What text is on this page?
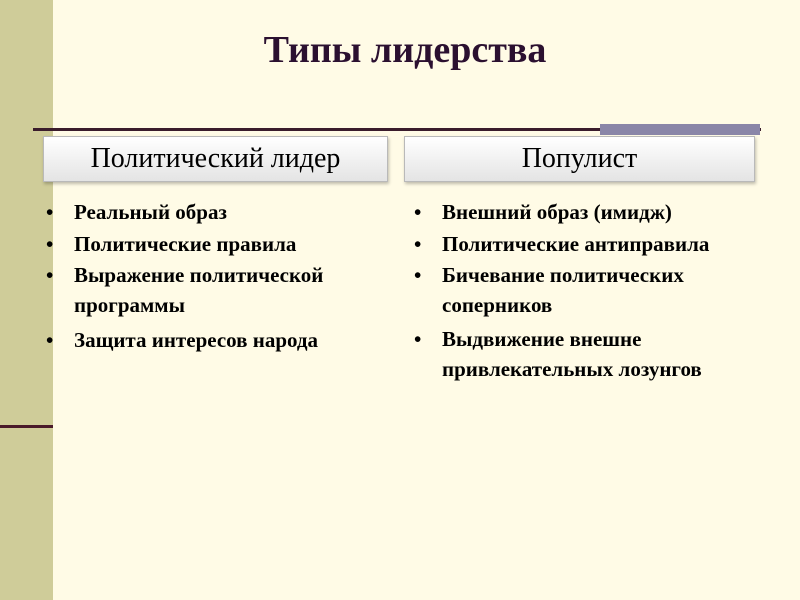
Типы лидерства
Политический лидер	Популист
• Реальный образ
• Политические правила
• Выражение политической программы
• Защита интересов народа
• Внешний образ (имидж)
• Политические антиправила
• Бичевание политических соперников
• Выдвижение внешне привлекательных лозунгов
